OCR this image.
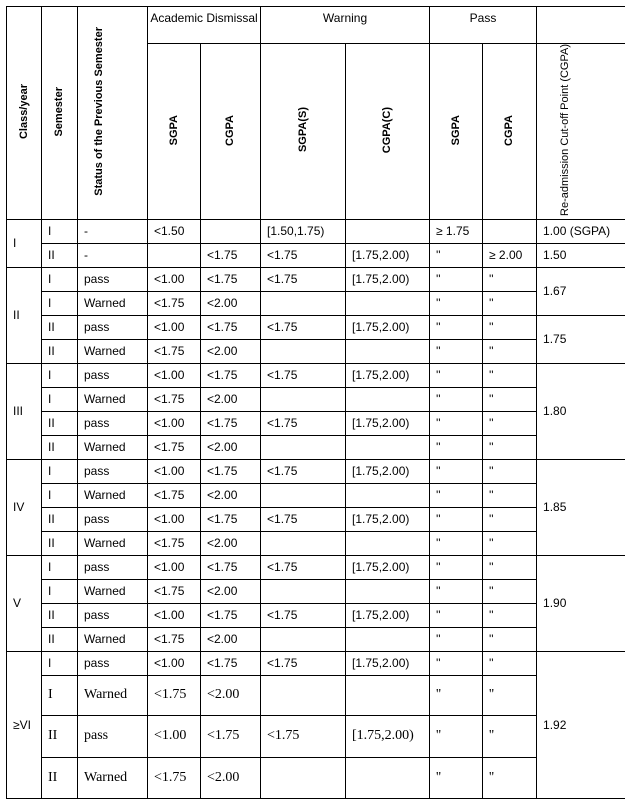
Class/year	Semester	Status of the Previous Semester	Academic Dismissal		Warning		Pass		
			SGPA	CGPA	SGPA(S)	CGPA(C)	SGPA	CGPA	Re-admission Cut-off Point (CGPA)
I	I	-	<1.50		[1.50,1.75)		≥ 1.75		1.00 (SGPA)
	II	-		<1.75	<1.75	[1.75,2.00)	''	≥ 2.00	1.50
II	I	pass	<1.00	<1.75	<1.75	[1.75,2.00)	''	''	1.67
	I	Warned	<1.75	<2.00			''	''	
	II	pass	<1.00	<1.75	<1.75	[1.75,2.00)	''	''	1.75
	II	Warned	<1.75	<2.00			''	''	
III	I	pass	<1.00	<1.75	<1.75	[1.75,2.00)	''	''	1.80
	I	Warned	<1.75	<2.00			''	''	
	II	pass	<1.00	<1.75	<1.75	[1.75,2.00)	''	''	
	II	Warned	<1.75	<2.00			''	''	
IV	I	pass	<1.00	<1.75	<1.75	[1.75,2.00)	''	''	1.85
	I	Warned	<1.75	<2.00			''	''	
	II	pass	<1.00	<1.75	<1.75	[1.75,2.00)	''	''	
	II	Warned	<1.75	<2.00			''	''	
V	I	pass	<1.00	<1.75	<1.75	[1.75,2.00)	''	''	1.90
	I	Warned	<1.75	<2.00			''	''	
	II	pass	<1.00	<1.75	<1.75	[1.75,2.00)	''	''	
	II	Warned	<1.75	<2.00			''	''	
≥VI	I	pass	<1.00	<1.75	<1.75	[1.75,2.00)	''	''	1.92
	I	Warned	<1.75	<2.00			''	''	
	II	pass	<1.00	<1.75	<1.75	[1.75,2.00)	''	''	
	II	Warned	<1.75	<2.00			''	''	
